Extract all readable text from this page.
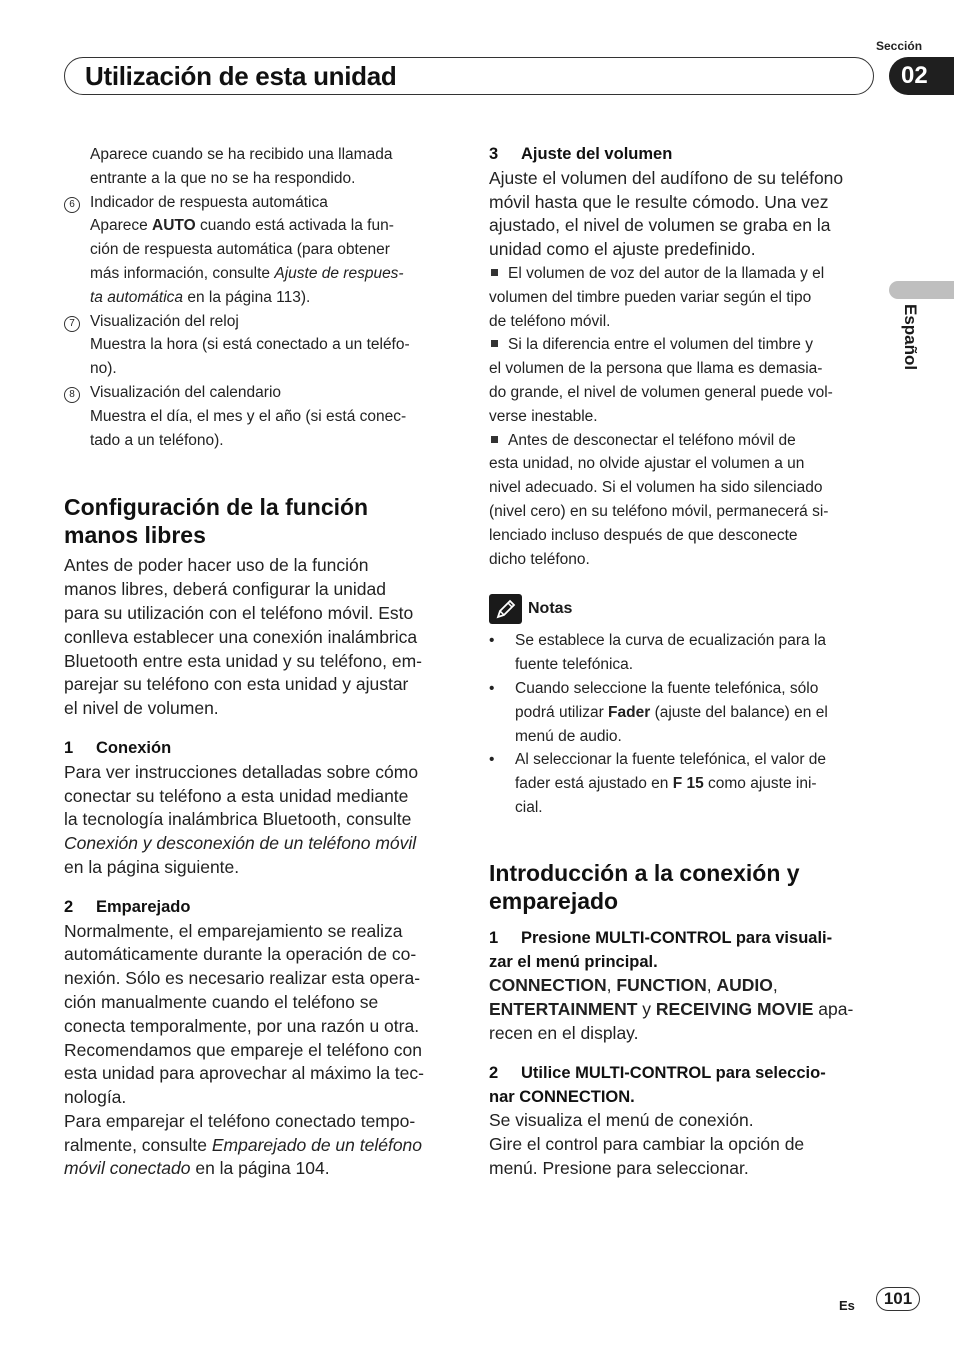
Sección
Utilización de esta unidad	02
Español
Aparece cuando se ha recibido una llamada
entrante a la que no se ha respondido.
6 Indicador de respuesta automática
Aparece AUTO cuando está activada la fun-
ción de respuesta automática (para obtener
más información, consulte Ajuste de respues-
ta automática en la página 113).
7 Visualización del reloj
Muestra la hora (si está conectado a un teléfo-
no).
8 Visualización del calendario
Muestra el día, el mes y el año (si está conec-
tado a un teléfono).
Configuración de la función
manos libres
Antes de poder hacer uso de la función
manos libres, deberá configurar la unidad
para su utilización con el teléfono móvil. Esto
conlleva establecer una conexión inalámbrica
Bluetooth entre esta unidad y su teléfono, em-
parejar su teléfono con esta unidad y ajustar
el nivel de volumen.
1 Conexión
Para ver instrucciones detalladas sobre cómo
conectar su teléfono a esta unidad mediante
la tecnología inalámbrica Bluetooth, consulte
Conexión y desconexión de un teléfono móvil
en la página siguiente.
2 Emparejado
Normalmente, el emparejamiento se realiza
automáticamente durante la operación de co-
nexión. Sólo es necesario realizar esta opera-
ción manualmente cuando el teléfono se
conecta temporalmente, por una razón u otra.
Recomendamos que empareje el teléfono con
esta unidad para aprovechar al máximo la tec-
nología.
Para emparejar el teléfono conectado tempo-
ralmente, consulte Emparejado de un teléfono
móvil conectado en la página 104.
3 Ajuste del volumen
Ajuste el volumen del audífono de su teléfono
móvil hasta que le resulte cómodo. Una vez
ajustado, el nivel de volumen se graba en la
unidad como el ajuste predefinido.
El volumen de voz del autor de la llamada y el
volumen del timbre pueden variar según el tipo
de teléfono móvil.
Si la diferencia entre el volumen del timbre y
el volumen de la persona que llama es demasia-
do grande, el nivel de volumen general puede vol-
verse inestable.
Antes de desconectar el teléfono móvil de
esta unidad, no olvide ajustar el volumen a un
nivel adecuado. Si el volumen ha sido silenciado
(nivel cero) en su teléfono móvil, permanecerá si-
lenciado incluso después de que desconecte
dicho teléfono.
Notas
•	Se establece la curva de ecualización para la
fuente telefónica.
•	Cuando seleccione la fuente telefónica, sólo
podrá utilizar Fader (ajuste del balance) en el
menú de audio.
•	Al seleccionar la fuente telefónica, el valor de
fader está ajustado en F 15 como ajuste ini-
cial.
Introducción a la conexión y
emparejado
1 Presione MULTI-CONTROL para visuali-
zar el menú principal.
CONNECTION, FUNCTION, AUDIO,
ENTERTAINMENT y RECEIVING MOVIE apa-
recen en el display.
2 Utilice MULTI-CONTROL para seleccio-
nar CONNECTION.
Se visualiza el menú de conexión.
Gire el control para cambiar la opción de
menú. Presione para seleccionar.
Es	101
